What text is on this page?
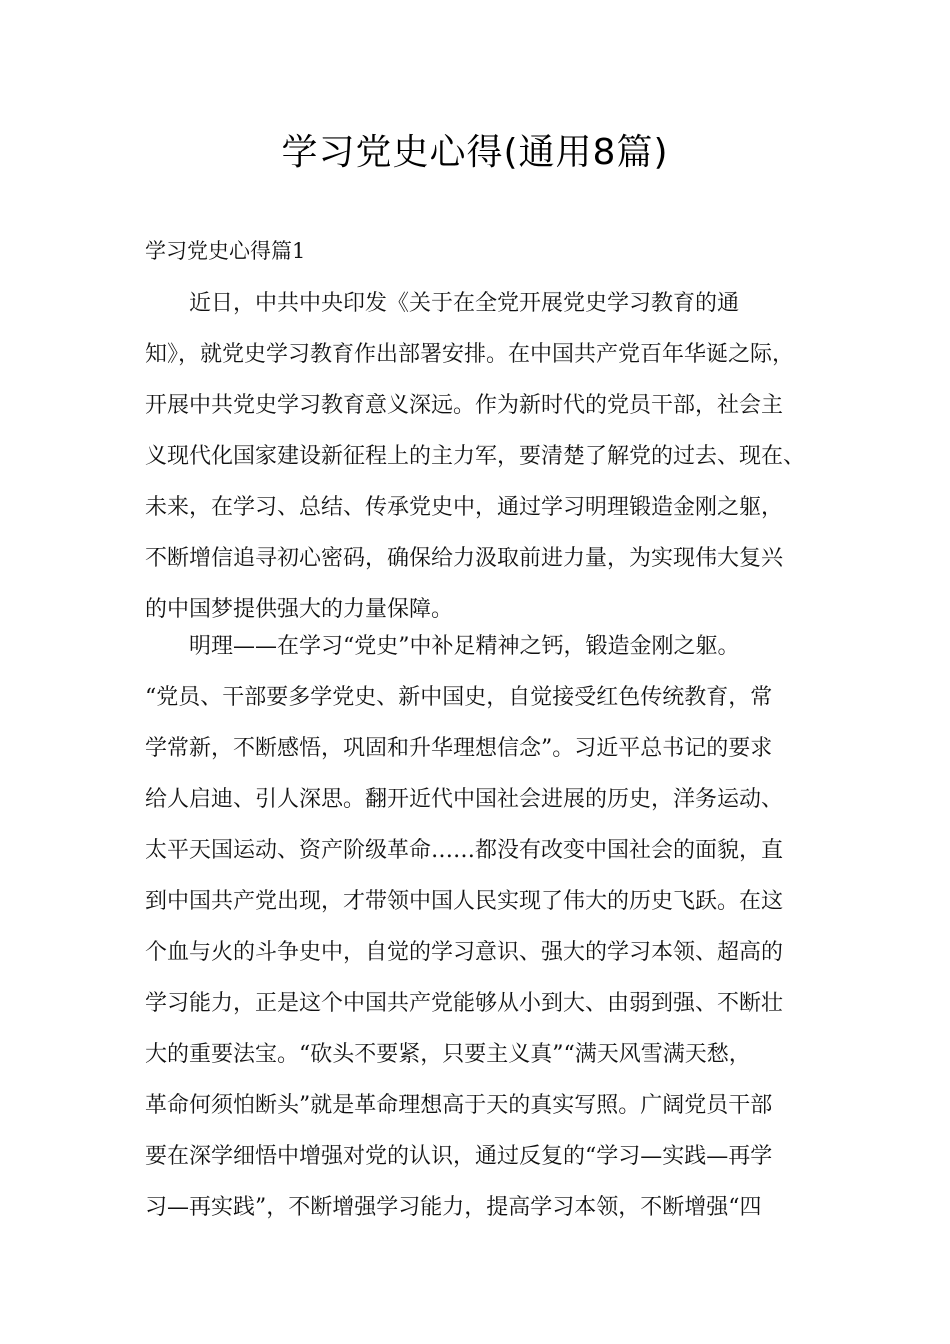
学习党史心得(通用8篇)
学习党史心得篇1

　　近日，中共中央印发《关于在全党开展党史学习教育的通
知》，就党史学习教育作出部署安排。在中国共产党百年华诞之际，
开展中共党史学习教育意义深远。作为新时代的党员干部，社会主
义现代化国家建设新征程上的主力军，要清楚了解党的过去、现在、
未来，在学习、总结、传承党史中，通过学习明理锻造金刚之躯，
不断增信追寻初心密码，确保给力汲取前进力量，为实现伟大复兴
的中国梦提供强大的力量保障。

　　明理——在学习“党史”中补足精神之钙，锻造金刚之躯。
“党员、干部要多学党史、新中国史，自觉接受红色传统教育，常
学常新，不断感悟，巩固和升华理想信念”。习近平总书记的要求
给人启迪、引人深思。翻开近代中国社会进展的历史，洋务运动、
太平天国运动、资产阶级革命……都没有改变中国社会的面貌，直
到中国共产党出现，才带领中国人民实现了伟大的历史飞跃。在这
个血与火的斗争史中，自觉的学习意识、强大的学习本领、超高的
学习能力，正是这个中国共产党能够从小到大、由弱到强、不断壮
大的重要法宝。“砍头不要紧，只要主义真”“满天风雪满天愁，
革命何须怕断头”就是革命理想高于天的真实写照。广阔党员干部
要在深学细悟中增强对党的认识，通过反复的“学习—实践—再学
习—再实践”，不断增强学习能力，提高学习本领，不断增强“四
